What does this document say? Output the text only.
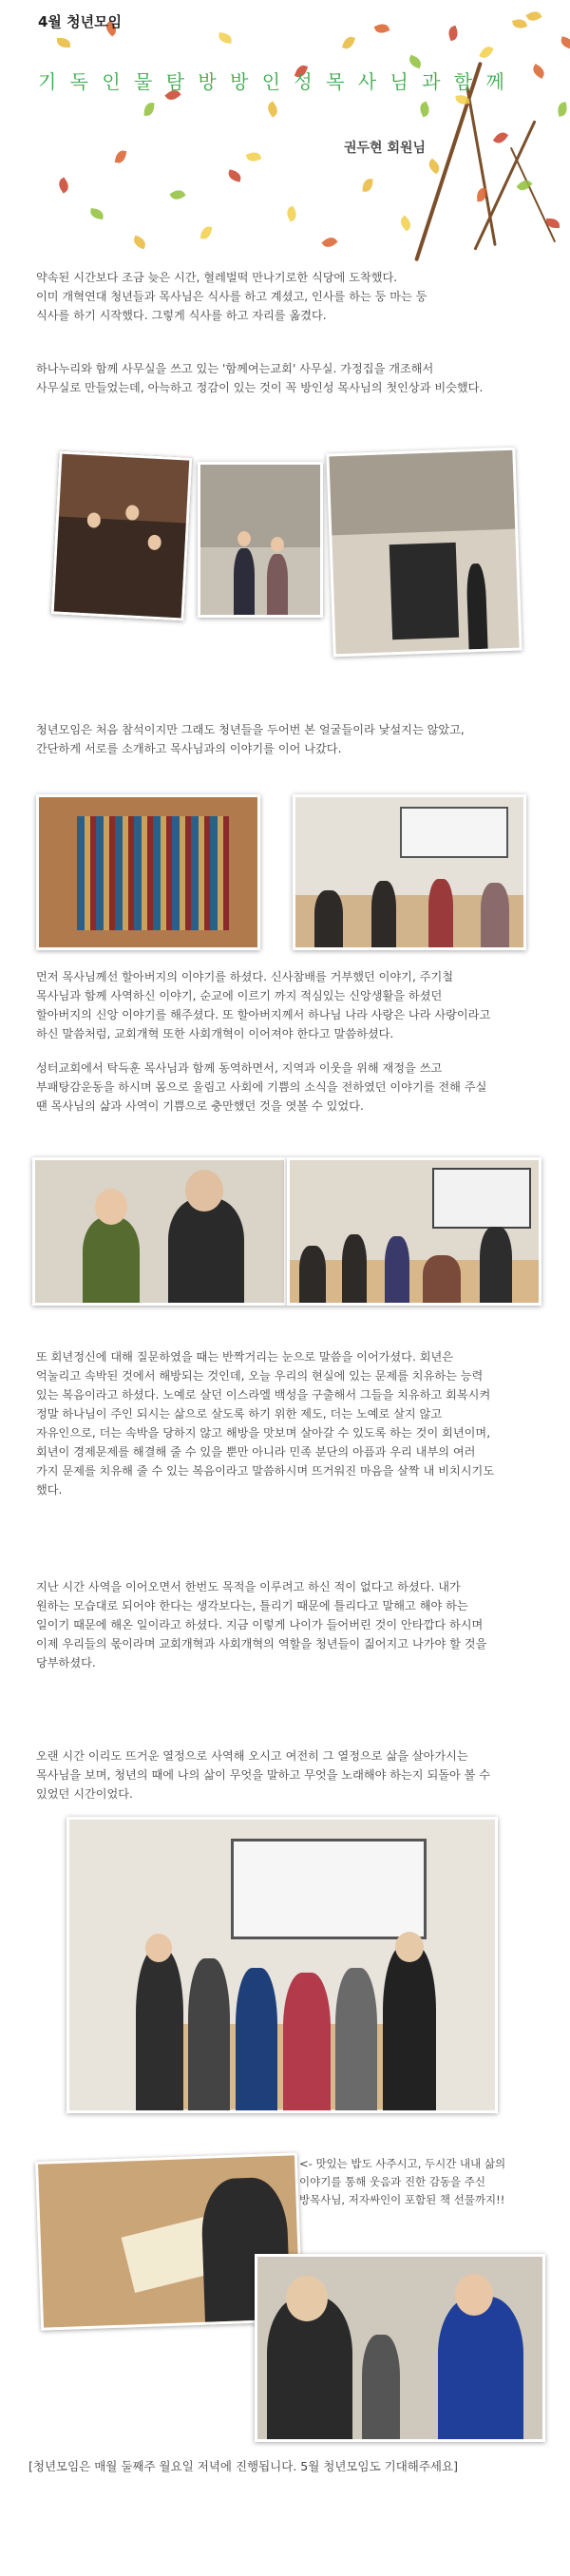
4월 청년모임
기 독 인 물 탐 방 방 인 성 목 사 님 과 함 께
권두현 회원님
약속된 시간보다 조금 늦은 시간, 혈레벌떡 만나기로한 식당에 도착했다.
이미 개혁연대 청년들과 목사님은 식사를 하고 계셨고, 인사를 하는 둥 마는 둥
식사를 하기 시작했다. 그렇게 식사를 하고 자리를 옮겼다.
하나누리와 함께 사무실을 쓰고 있는 '함께여는교회' 사무실. 가정집을 개조해서
사무실로 만들었는데, 아늑하고 정감이 있는 것이 꼭 방인성 목사님의 첫인상과 비슷했다.
청년모임은 처음 참석이지만 그래도 청년들을 두어번 본 얼굴들이라 낯설지는 않았고,
간단하게 서로를 소개하고 목사님과의 이야기를 이어 나갔다.
먼저 목사님께선 할아버지의 이야기를 하셨다. 신사참배를 거부했던 이야기, 주기철
목사님과 함께 사역하신 이야기, 순교에 이르기 까지 적심있는 신앙생활을 하셨던
할아버지의 신앙 이야기를 해주셨다. 또 할아버지께서 하나님 나라 사랑은 나라 사랑이라고
하신 말씀처럼, 교회개혁 또한 사회개혁이 이어져야 한다고 말씀하셨다.
성터교회에서 탁득훈 목사님과 함께 동역하면서, 지역과 이웃을 위해 재정을 쓰고
부패탕감운동을 하시며 몸으로 울림고 사회에 기쁨의 소식을 전하였던 이야기를 전해 주실
땐 목사님의 삶과 사역이 기쁨으로 충만했던 것을 엿볼 수 있었다.
또 회년정신에 대해 질문하였을 때는 반짝거리는 눈으로 말씀을 이어가셨다. 회년은
억눌리고 속박된 것에서 해방되는 것인데, 오늘 우리의 현실에 있는 문제를 치유하는 능력
있는 복음이라고 하셨다. 노예로 살던 이스라엘 백성을 구출해서 그들을 치유하고 회복시켜
정말 하나님이 주인 되시는 삶으로 살도록 하기 위한 제도, 더는 노예로 살지 않고
자유인으로, 더는 속박을 당하지 않고 해방을 맛보며 살아갈 수 있도록 하는 것이 회년이며,
회년이 경제문제를 해결해 줄 수 있을 뿐만 아니라 민족 분단의 아픔과 우리 내부의 여러
가지 문제를 치유해 줄 수 있는 복음이라고 말씀하시며 뜨거워진 마음을 살짝 내 비치시기도
했다.
지난 시간 사역을 이어오면서 한번도 목적을 이루려고 하신 적이 없다고 하셨다. 내가
원하는 모습대로 되어야 한다는 생각보다는, 틀리기 때문에 틀리다고 말해고 해야 하는
일이기 때문에 해온 일이라고 하셨다. 지금 이렇게 나이가 들어버린 것이 안타깝다 하시며
이제 우리들의 몫이라며 교회개혁과 사회개혁의 역할을 청년들이 짊어지고 나가야 할 것을
당부하셨다.
오랜 시간 이리도 뜨거운 열정으로 사역해 오시고 여전히 그 열정으로 삶을 살아가시는
목사님을 보며, 청년의 때에 나의 삶이 무엇을 말하고 무엇을 노래해야 하는지 되돌아 볼 수
있었던 시간이었다.
<- 맛있는 밥도 사주시고, 두시간 내내 삶의
이야기를 통해 웃음과 진한 감동을 주신
방목사님, 저자싸인이 포함된 책 선물까지!!
[청년모임은 매월 둘째주 월요일 저녁에 진행됩니다. 5월 청년모임도 기대해주세요]
